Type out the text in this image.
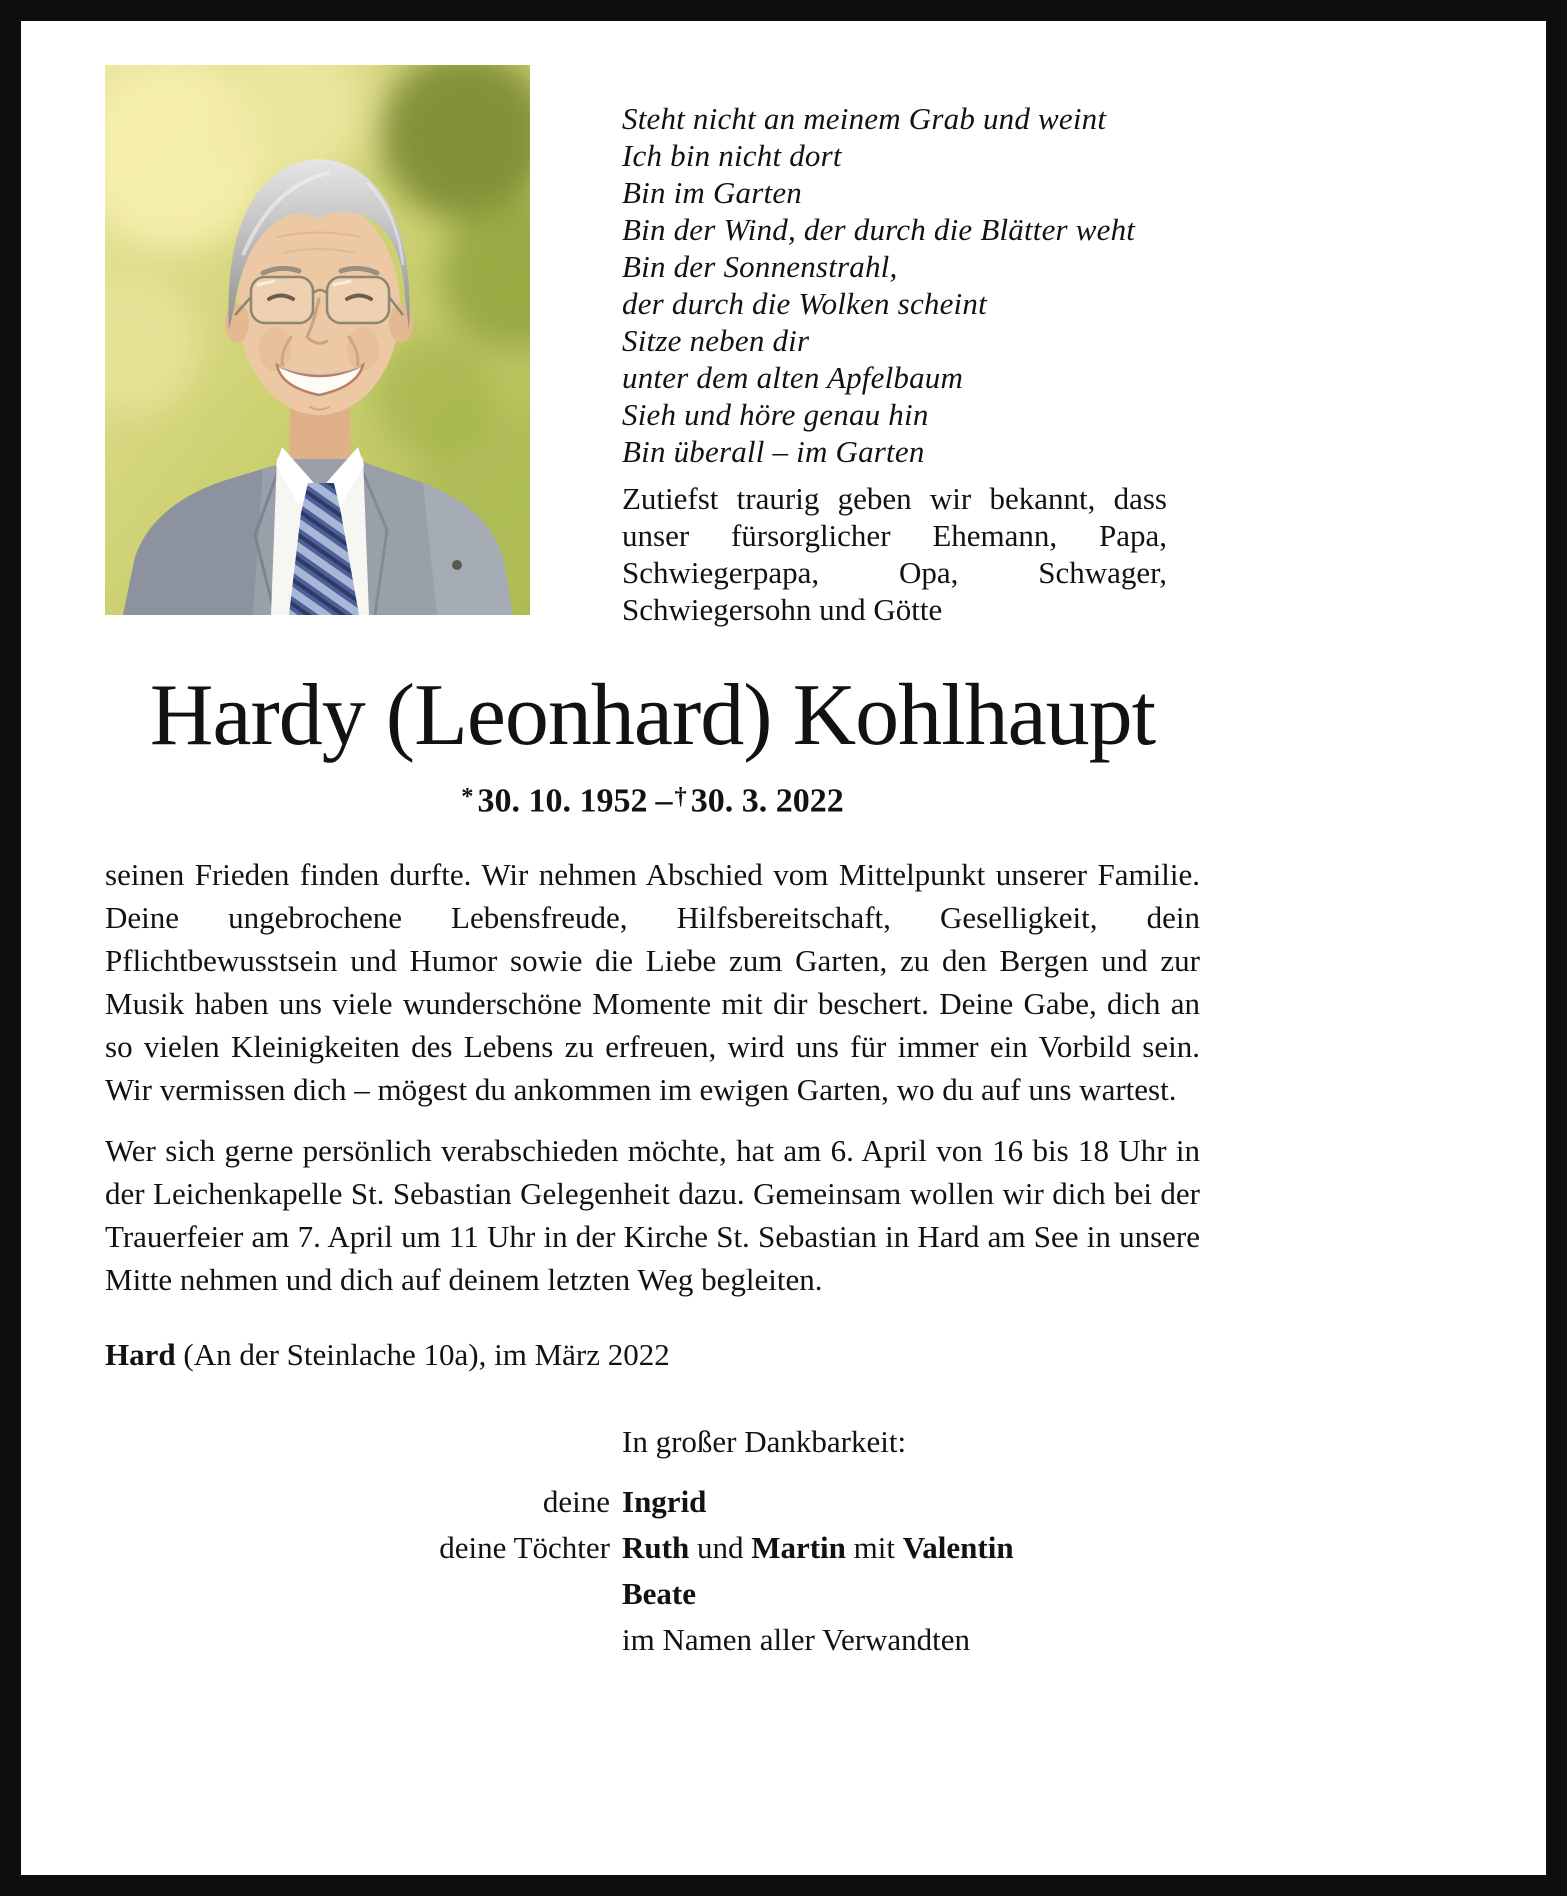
Steht nicht an meinem Grab und weint
Ich bin nicht dort
Bin im Garten
Bin der Wind, der durch die Blätter weht
Bin der Sonnenstrahl,
der durch die Wolken scheint
Sitze neben dir
unter dem alten Apfelbaum
Sieh und höre genau hin
Bin überall – im Garten

Zutiefst traurig geben wir bekannt, dass unser fürsorglicher Ehemann, Papa, Schwiegerpapa, Opa, Schwager, Schwiegersohn und Götte

Hardy (Leonhard) Kohlhaupt
* 30. 10. 1952 –† 30. 3. 2022

seinen Frieden finden durfte. Wir nehmen Abschied vom Mittelpunkt unserer Familie. Deine ungebrochene Lebensfreude, Hilfsbereitschaft, Geselligkeit, dein Pflichtbewusstsein und Humor sowie die Liebe zum Garten, zu den Bergen und zur Musik haben uns viele wunderschöne Momente mit dir beschert. Deine Gabe, dich an so vielen Kleinigkeiten des Lebens zu erfreuen, wird uns für immer ein Vorbild sein. Wir vermissen dich – mögest du ankommen im ewigen Garten, wo du auf uns wartest.

Wer sich gerne persönlich verabschieden möchte, hat am 6. April von 16 bis 18 Uhr in der Leichenkapelle St. Sebastian Gelegenheit dazu. Gemeinsam wollen wir dich bei der Trauerfeier am 7. April um 11 Uhr in der Kirche St. Sebastian in Hard am See in unsere Mitte nehmen und dich auf deinem letzten Weg begleiten.

Hard (An der Steinlache 10a), im März 2022

In großer Dankbarkeit:

deine Ingrid
deine Töchter Ruth und Martin mit Valentin
Beate
im Namen aller Verwandten
